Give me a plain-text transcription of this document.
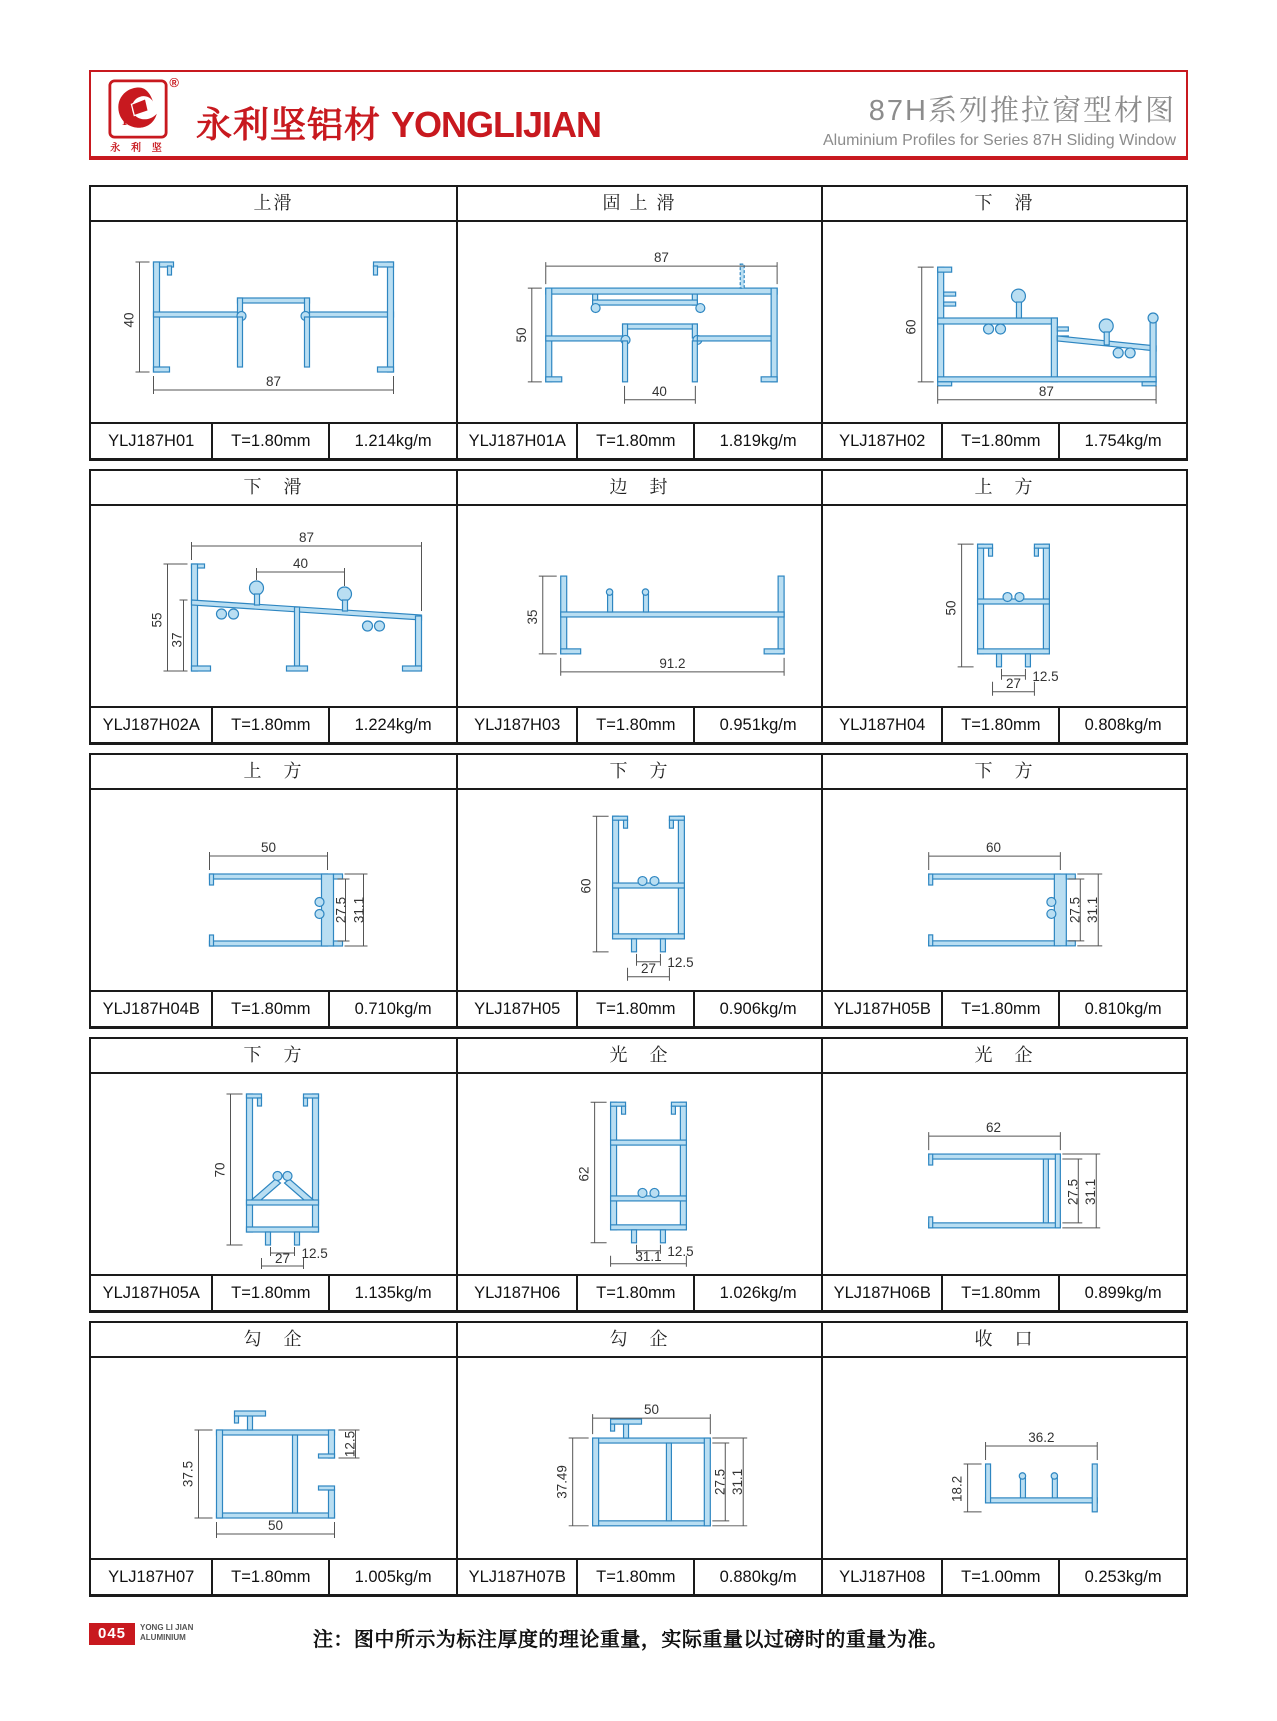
®
Y.
永 利 坚
永利坚铝材 YONGLIJIAN	87H系列推拉窗型材图
Aluminium Profiles for Series 87H Sliding Window
上滑	固 上 滑	下　滑
40
87
87
50
40
60
87
YLJ187H01	T=1.80mm	1.214kg/m	YLJ187H01A	T=1.80mm	1.819kg/m	YLJ187H02	T=1.80mm	1.754kg/m
下　滑	边　封	上　方
87
40
55
37
35
91.2
50
12.5
27
YLJ187H02A	T=1.80mm	1.224kg/m	YLJ187H03	T=1.80mm	0.951kg/m	YLJ187H04	T=1.80mm	0.808kg/m
上　方	下　方	下　方
50
27.5 31.1
60
12.5
27
60
27.5 31.1
YLJ187H04B	T=1.80mm	0.710kg/m	YLJ187H05	T=1.80mm	0.906kg/m	YLJ187H05B	T=1.80mm	0.810kg/m
下　方	光　企	光　企
70
12.5
27
62
12.5
31.1
62
27.5 31.1
YLJ187H05A	T=1.80mm	1.135kg/m	YLJ187H06	T=1.80mm	1.026kg/m	YLJ187H06B	T=1.80mm	0.899kg/m
勾　企	勾　企	收　口
37.5
12.5
50
50
37.49	27.5 31.1
36.2
18.2
YLJ187H07	T=1.80mm	1.005kg/m	YLJ187H07B	T=1.80mm	0.880kg/m	YLJ187H08	T=1.00mm	0.253kg/m
045	YONG LI JIAN
ALUMINIUM	注：图中所示为标注厚度的理论重量，实际重量以过磅时的重量为准。
